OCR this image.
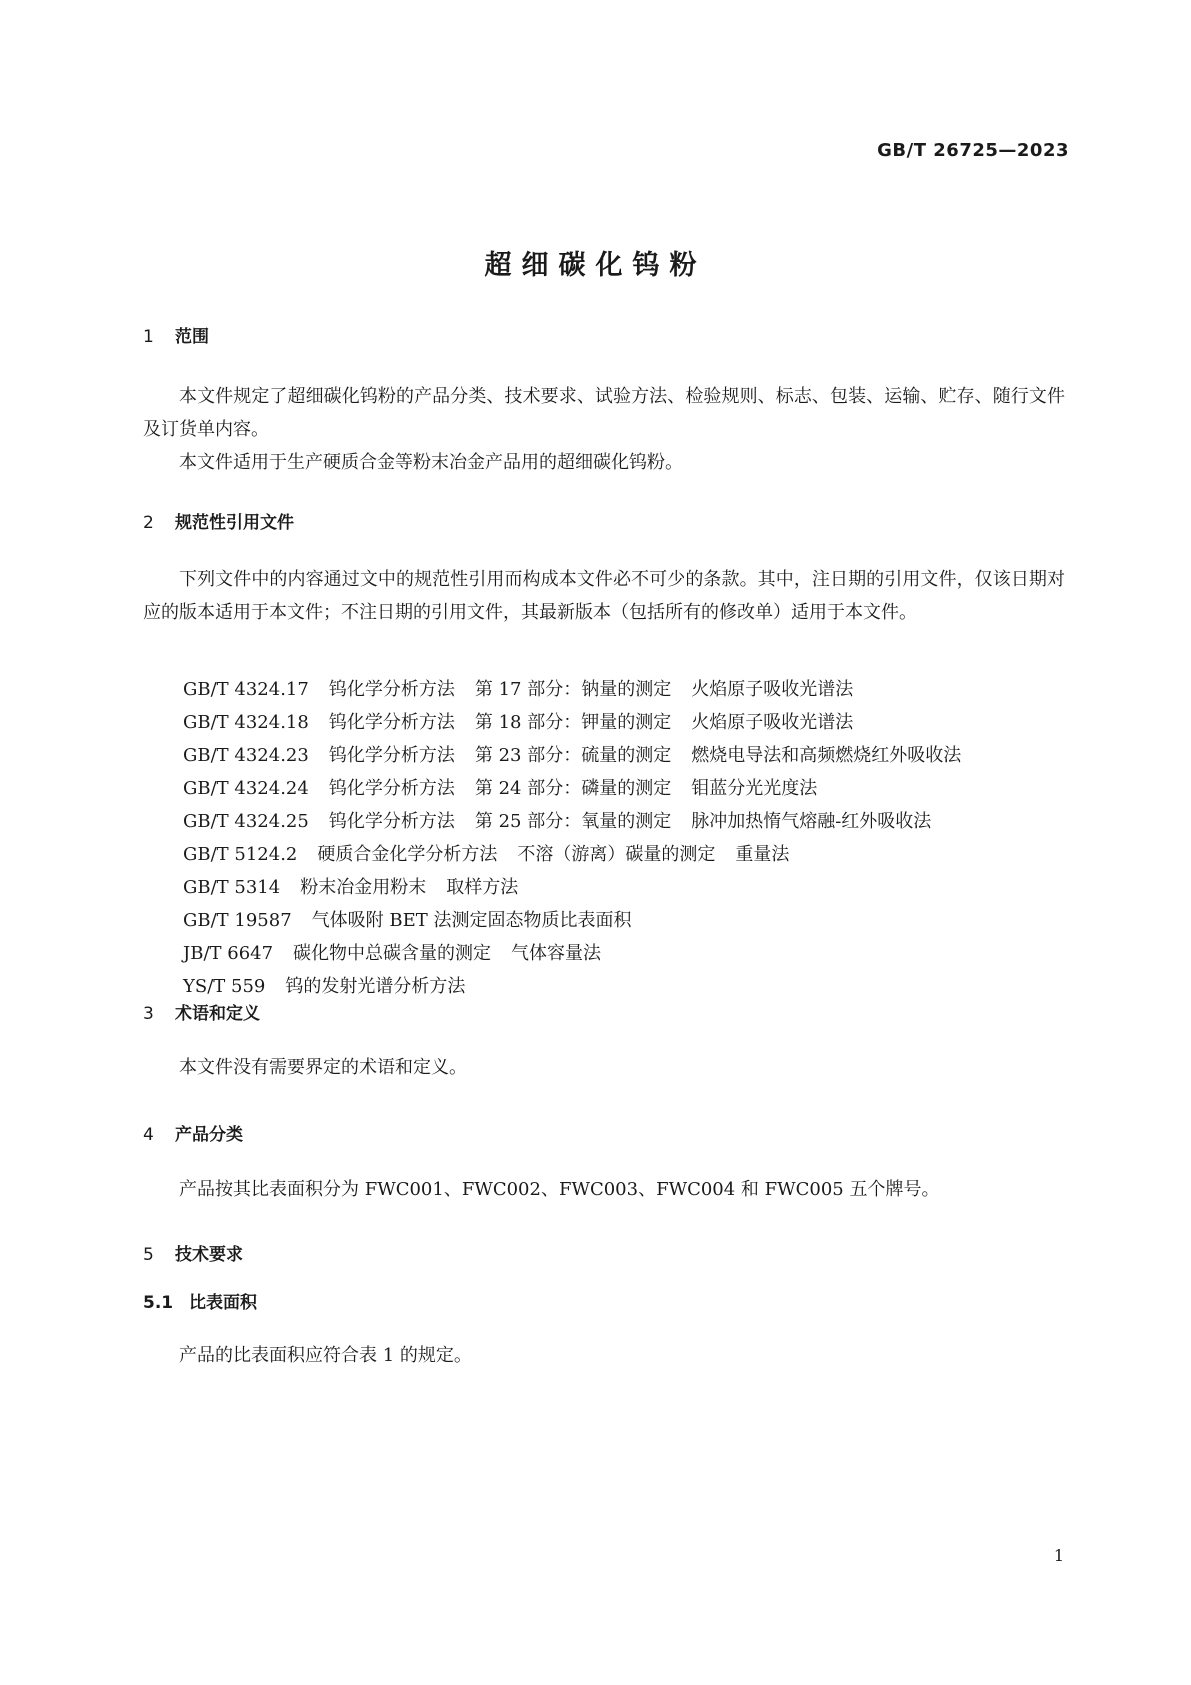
GB/T 26725—2023
超细碳化钨粉
1 范围
本文件规定了超细碳化钨粉的产品分类、技术要求、试验方法、检验规则、标志、包装、运输、贮存、随行文件及订货单内容。
本文件适用于生产硬质合金等粉末冶金产品用的超细碳化钨粉。
2 规范性引用文件
下列文件中的内容通过文中的规范性引用而构成本文件必不可少的条款。其中，注日期的引用文件，仅该日期对应的版本适用于本文件；不注日期的引用文件，其最新版本（包括所有的修改单）适用于本文件。
GB/T 4324.17 钨化学分析方法 第 17 部分：钠量的测定 火焰原子吸收光谱法
GB/T 4324.18 钨化学分析方法 第 18 部分：钾量的测定 火焰原子吸收光谱法
GB/T 4324.23 钨化学分析方法 第 23 部分：硫量的测定 燃烧电导法和高频燃烧红外吸收法
GB/T 4324.24 钨化学分析方法 第 24 部分：磷量的测定 钼蓝分光光度法
GB/T 4324.25 钨化学分析方法 第 25 部分：氧量的测定 脉冲加热惰气熔融-红外吸收法
GB/T 5124.2 硬质合金化学分析方法 不溶（游离）碳量的测定 重量法
GB/T 5314 粉末冶金用粉末 取样方法
GB/T 19587 气体吸附 BET 法测定固态物质比表面积
JB/T 6647 碳化物中总碳含量的测定 气体容量法
YS/T 559 钨的发射光谱分析方法
3 术语和定义
本文件没有需要界定的术语和定义。
4 产品分类
产品按其比表面积分为 FWC001、FWC002、FWC003、FWC004 和 FWC005 五个牌号。
5 技术要求
5.1 比表面积
产品的比表面积应符合表 1 的规定。
1
